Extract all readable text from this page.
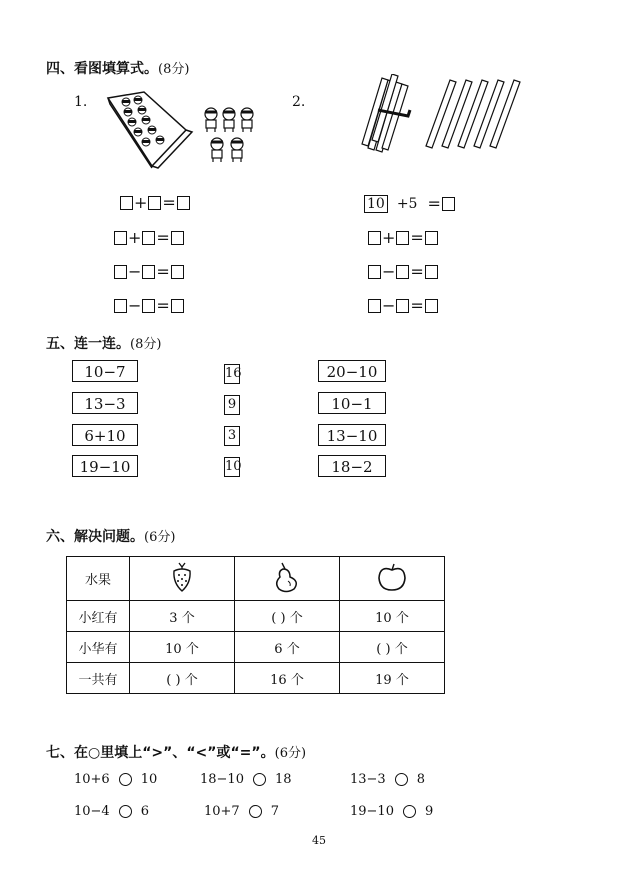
四、看图填算式。(8分)
1.	2.
+ =
+ =
− =
− =
10 +5 =
+ =
− =
− =
五、连一连。(8分)
10−7
13−3
6+10
19−10
16
9
3
10
20−10
10−1
13−10
18−2
六、解决问题。(6分)
水果			
小红有	3 个	( ) 个	10 个
小华有	10 个	6 个	( ) 个
一共有	( ) 个	16 个	19 个
七、在○里填上“>”、“<”或“=”。(6分)
10+6 10	18−10 18	13−3 8
10−4 6	10+7 7	19−10 9
45
